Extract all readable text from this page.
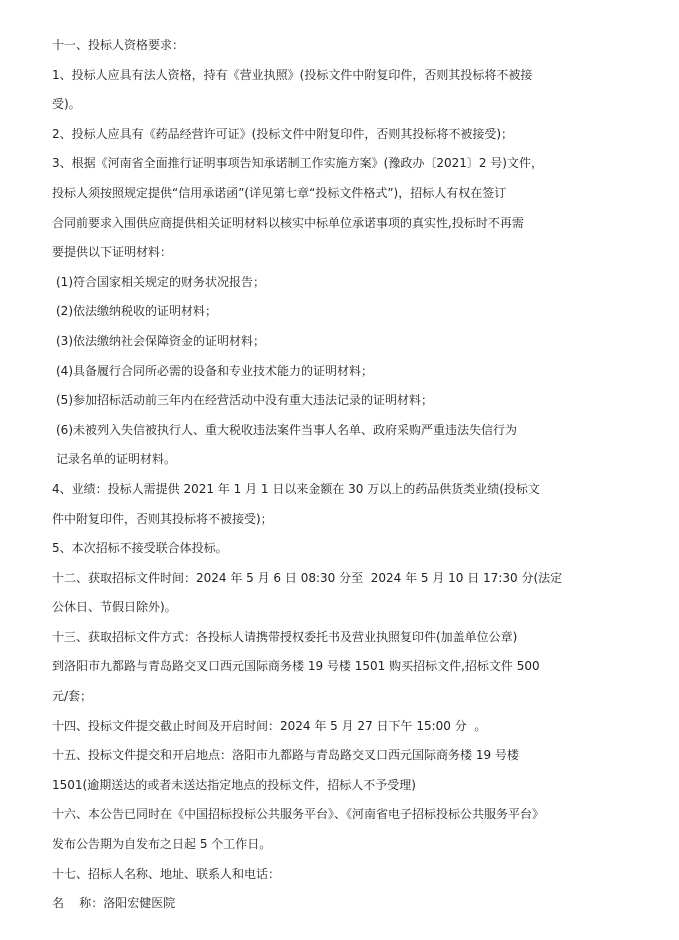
十一、投标人资格要求：

1、投标人应具有法人资格，持有《营业执照》(投标文件中附复印件，否则其投标将不被接
受)。

2、投标人应具有《药品经营许可证》(投标文件中附复印件，否则其投标将不被接受)；

3、根据《河南省全面推行证明事项告知承诺制工作实施方案》(豫政办〔2021〕2 号)文件，
投标人须按照规定提供“信用承诺函”(详见第七章“投标文件格式”)，招标人有权在签订
合同前要求入围供应商提供相关证明材料以核实中标单位承诺事项的真实性,投标时不再需
要提供以下证明材料：

(1)符合国家相关规定的财务状况报告；

(2)依法缴纳税收的证明材料；

(3)依法缴纳社会保障资金的证明材料；

(4)具备履行合同所必需的设备和专业技术能力的证明材料；

(5)参加招标活动前三年内在经营活动中没有重大违法记录的证明材料；

(6)未被列入失信被执行人、重大税收违法案件当事人名单、政府采购严重违法失信行为
记录名单的证明材料。

4、业绩：投标人需提供 2021 年 1 月 1 日以来金额在 30 万以上的药品供货类业绩(投标文
件中附复印件，否则其投标将不被接受)；

5、本次招标不接受联合体投标。

十二、获取招标文件时间：2024 年 5 月 6 日 08:30 分至  2024 年 5 月 10 日 17:30 分(法定
公休日、节假日除外)。

十三、获取招标文件方式：各投标人请携带授权委托书及营业执照复印件(加盖单位公章)
到洛阳市九都路与青岛路交叉口西元国际商务楼 19 号楼 1501 购买招标文件,招标文件 500
元/套；

十四、投标文件提交截止时间及开启时间：2024 年 5 月 27 日下午 15:00 分  。

十五、投标文件提交和开启地点：洛阳市九都路与青岛路交叉口西元国际商务楼 19 号楼
1501(逾期送达的或者未送达指定地点的投标文件，招标人不予受理)

十六、本公告已同时在《中国招标投标公共服务平台》、《河南省电子招标投标公共服务平台》
发布公告期为自发布之日起 5 个工作日。

十七、招标人名称、地址、联系人和电话：

名    称：洛阳宏健医院
